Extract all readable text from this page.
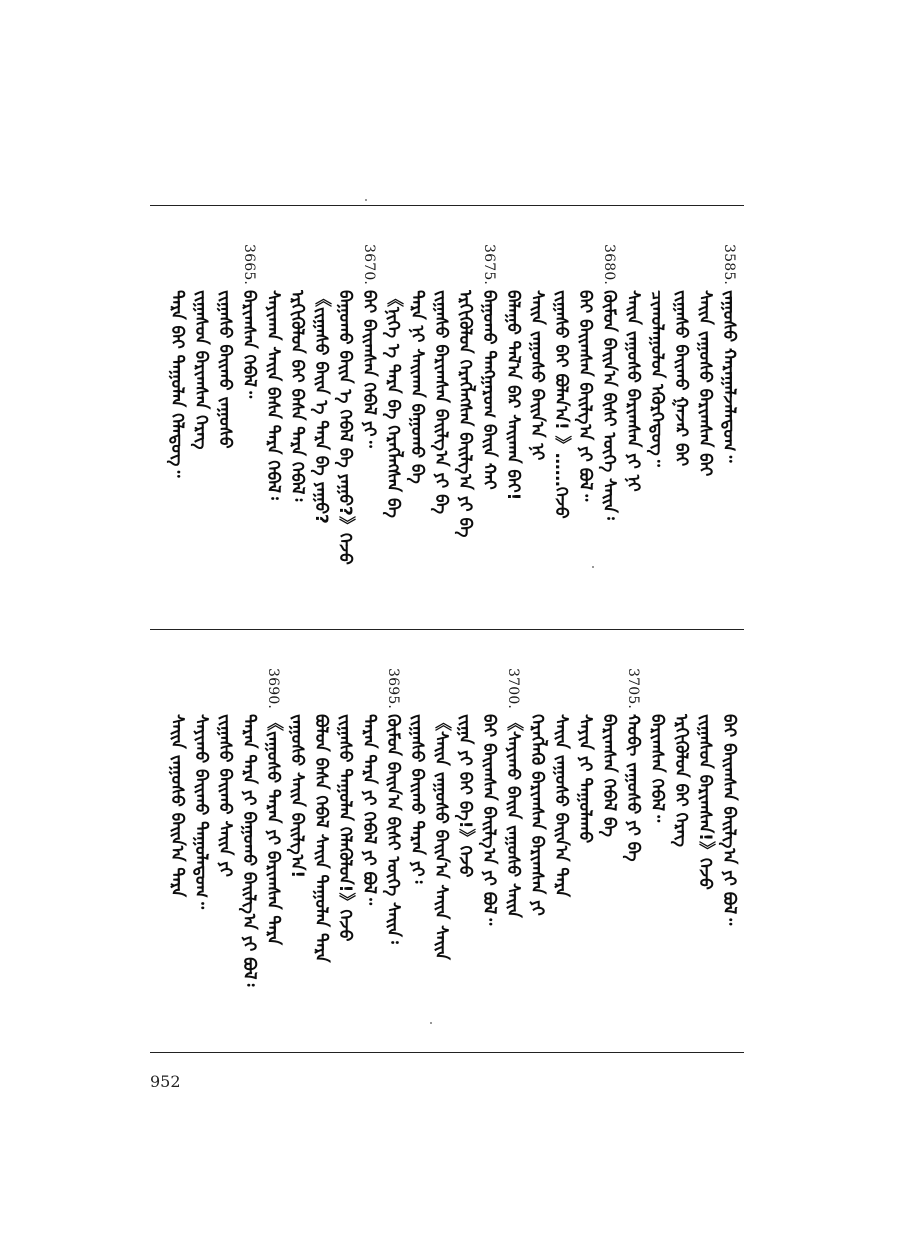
3585.
ᠵᠠᠭᠤᠰᠤ ᠬᠠᠷᠠᠭᠠᠯᠵᠠᠯᠠᠳᠤᠭ᠃
ᠰᠠᠢᠨ ᠵᠠᠭᠤᠰᠤ ᠪᠠᠷᠢᠭᠰᠠᠨ ᠪᠠᠢ
ᠵᠢᠭᠠᠰᠤ ᠪᠠᠢᠬᠤ ᠭᠠᠵᠠᠷ ᠪᠠᠢ
ᠴᠢᠬᠤᠯᠠᠭᠤᠯᠤᠨ ᠡᠭᠦᠷᠬᠡᠳᠦᠭ᠃
ᠰᠠᠢᠨ ᠵᠠᠭᠤᠰᠤ ᠪᠠᠷᠢᠭᠰᠠᠨ ᠶᠢ ᠨᠢ
3680.
ᠬᠦᠮᠦᠨ ᠪᠠᠢᠨ᠎ᠠ ᠪᠢᠰᠢ ᠦᠭᠡ ᠰᠠᠢᠨ᠄
ᠪᠠᠢ ᠪᠠᠢᠭᠰᠠᠨ ᠪᠠᠢᠯᠭ᠎ᠠ ᠶᠢ ᠪᠣᠯ᠃
ᠵᠢᠭᠠᠰᠤ ᠪᠠᠢ ᠪᠣᠯᠠᠨ᠎ᠠ! 》……ᠭᠡᠵᠦ
ᠰᠠᠢᠨ ᠵᠠᠭᠤᠰᠤ ᠪᠠᠢᠨ᠎ᠠ ᠨᠢ
ᠪᠠᠯᠠᠭᠤ ᠲᠠᠯ᠎ᠠ ᠪᠠᠷ ᠰᠠᠢᠬᠠᠨ ᠪᠠᠢ!
3675.
ᠪᠠᠭᠤᠬᠤ ᠲᠠᠩᠭᠠᠷᠤᠭ ᠪᠠᠢᠨ ᠬᠠᠢ
ᠡᠷᠭᠢᠭᠦᠯᠦᠨ ᠬᠡᠷᠡᠭᠯᠡᠭᠰᠡᠨ ᠪᠠᠢᠯᠭ᠎ᠠ ᠶᠢ ᠪᠠ
ᠵᠢᠭᠠᠰᠤ ᠪᠠᠷᠢᠭᠰᠠᠨ ᠪᠠᠢᠯᠭ᠎ᠠ ᠶᠢ ᠪᠠ
ᠲᠠᠷᠠ ᠨᠢ ᠰᠠᠢᠬᠠᠨ ᠪᠠᠭᠤᠬᠤ ᠪᠠ
《ᠨᠢᠭᠡ ᠡ ᠲᠠᠷᠠ ᠪᠠ ᠬᠡᠷᠡᠭᠯᠡᠭᠰᠡᠨ ᠪᠠ
3670.
ᠪᠠᠢ ᠪᠠᠢᠭᠰᠠᠨ ᠭᠡᠪᠡᠯ ᠶᠢ᠃
ᠪᠠᠭᠤᠬᠤ ᠪᠠᠢᠨ ᠡ ᠬᠡᠪᠡᠯ ᠪᠠ ᠶᠠᠭᠤ?》ᠭᠡᠵᠦ
《ᠵᠢᠭᠠᠰᠤ ᠪᠠᠢᠨ ᠡ ᠲᠠᠷᠠ ᠪᠠ ᠶᠠᠭᠤ?
ᠡᠷᠭᠢᠭᠦᠯᠦᠨ ᠪᠠᠢ ᠪᠠᠰᠠ ᠲᠠᠷᠠ ᠭᠡᠪᠡᠯ᠄
ᠰᠠᠶᠢᠬᠠᠨ ᠰᠠᠢᠨ ᠪᠠᠰᠠ ᠲᠠᠷᠠ ᠭᠡᠪᠡᠯ᠄
3665.
ᠪᠠᠷᠢᠭᠰᠠᠨ ᠭᠡᠪᠡᠯ᠃
ᠵᠢᠭᠠᠰᠤ ᠪᠠᠢᠬᠤ ᠵᠠᠭᠤᠰᠤ
ᠵᠢᠭᠠᠰᠤᠨ ᠪᠠᠷᠢᠭᠰᠠᠨ ᠬᠡᠷᠡᠭ
ᠲᠠᠷᠠ ᠪᠠᠢ ᠲᠠᠭᠤᠯᠠᠨ ᠬᠡᠯᠡᠳᠦᠭ᠃
ᠪᠠᠢ ᠪᠠᠢᠭᠰᠠᠨ ᠪᠠᠢᠯᠭ᠎ᠠ ᠶᠢ ᠪᠣᠯ᠃
ᠵᠢᠭᠠᠰᠤᠨ ᠪᠠᠷᠢᠭᠰᠠᠨ!》ᠭᠡᠵᠦ
ᠡᠷᠭᠢᠭᠦᠯᠦᠨ ᠪᠠᠢ ᠬᠡᠷᠡᠭ
ᠪᠠᠷᠢᠭᠰᠠᠨ ᠭᠡᠪᠡᠯ᠃
3705.
ᠬᠤᠪᠢ ᠵᠠᠭᠤᠰᠤ ᠶᠢ ᠪᠠ
ᠪᠠᠷᠢᠭᠰᠠᠨ ᠭᠡᠪᠡᠯ ᠪᠠ
ᠰᠠᠶᠢᠨ ᠶᠢ ᠲᠠᠭᠤᠯᠠᠬᠤ
ᠰᠠᠢᠨ ᠵᠠᠭᠤᠰᠤ ᠪᠠᠢᠨ᠎ᠠ ᠲᠠᠷᠠ
ᠬᠡᠷᠡᠭᠯᠡᠬᠦ ᠪᠠᠷᠢᠭᠰᠠᠨ ᠪᠠᠷᠢᠭᠰᠠᠨ ᠶᠢ
3700.
《ᠰᠠᠶᠢᠬᠤ ᠪᠠᠢᠨ ᠵᠠᠭᠤᠰᠤ ᠰᠠᠢᠨ
ᠪᠠᠢ ᠪᠠᠢᠭᠰᠠᠨ ᠪᠠᠢᠯᠭ᠎ᠠ ᠶᠢ ᠪᠣᠯ᠃
ᠵᠢᠭᠠ ᠶᠢ ᠪᠠᠢ ᠪᠠ!》ᠭᠡᠵᠦ
《ᠰᠠᠢᠨ ᠵᠠᠭᠤᠰᠤ ᠪᠠᠢᠨ᠎ᠠ ᠰᠠᠢᠨ ᠰᠠᠢᠨ
ᠵᠢᠭᠠᠰᠤ ᠪᠠᠢᠬᠤ ᠲᠠᠷᠠᠨ ᠶᠢ᠄
3695.
ᠬᠦᠮᠦᠨ ᠪᠠᠢᠨ᠎ᠠ ᠪᠢᠰᠢ ᠦᠭᠡ ᠰᠠᠢᠨ᠄
ᠲᠠᠷᠠᠨ ᠲᠠᠷᠠ ᠶᠢ ᠭᠡᠪᠡᠯ ᠶᠢ ᠪᠣᠯ᠃
ᠵᠢᠭᠠᠰᠤ ᠲᠠᠭᠤᠯᠠᠨ ᠬᠡᠯᠡᠭᠦᠯᠦᠨ!》ᠭᠡᠵᠦ
ᠪᠣᠯᠤᠨ ᠪᠠᠰᠠ ᠬᠡᠪᠡᠯ ᠰᠠᠢᠨ ᠲᠠᠭᠤᠯᠠᠨ ᠲᠠᠷᠠ
ᠵᠠᠭᠤᠰᠤ ᠰᠠᠢᠨ ᠪᠠᠢᠯᠭ᠎ᠠ!
3690.
《ᠵᠠᠭᠤᠰᠤ ᠲᠠᠷᠠᠨ ᠶᠢ ᠪᠠᠷᠢᠭᠰᠠᠨ ᠲᠠᠷᠠ
ᠲᠠᠷᠠᠨ ᠲᠠᠷᠠ ᠶᠢ ᠪᠠᠭᠤᠬᠤ ᠪᠠᠢᠯᠭ᠎ᠠ ᠶᠢ ᠪᠣᠯ᠄
ᠵᠢᠭᠠᠰᠤ ᠪᠠᠢᠬᠤ ᠰᠠᠢᠨ ᠶᠢ
ᠰᠠᠶᠢᠬᠤ ᠪᠠᠢᠬᠤ ᠲᠠᠭᠤᠯᠠᠳᠤᠭ᠃
ᠰᠠᠢᠨ ᠵᠠᠭᠤᠰᠤ ᠪᠠᠢᠨ᠎ᠠ ᠲᠠᠷᠠ
952
